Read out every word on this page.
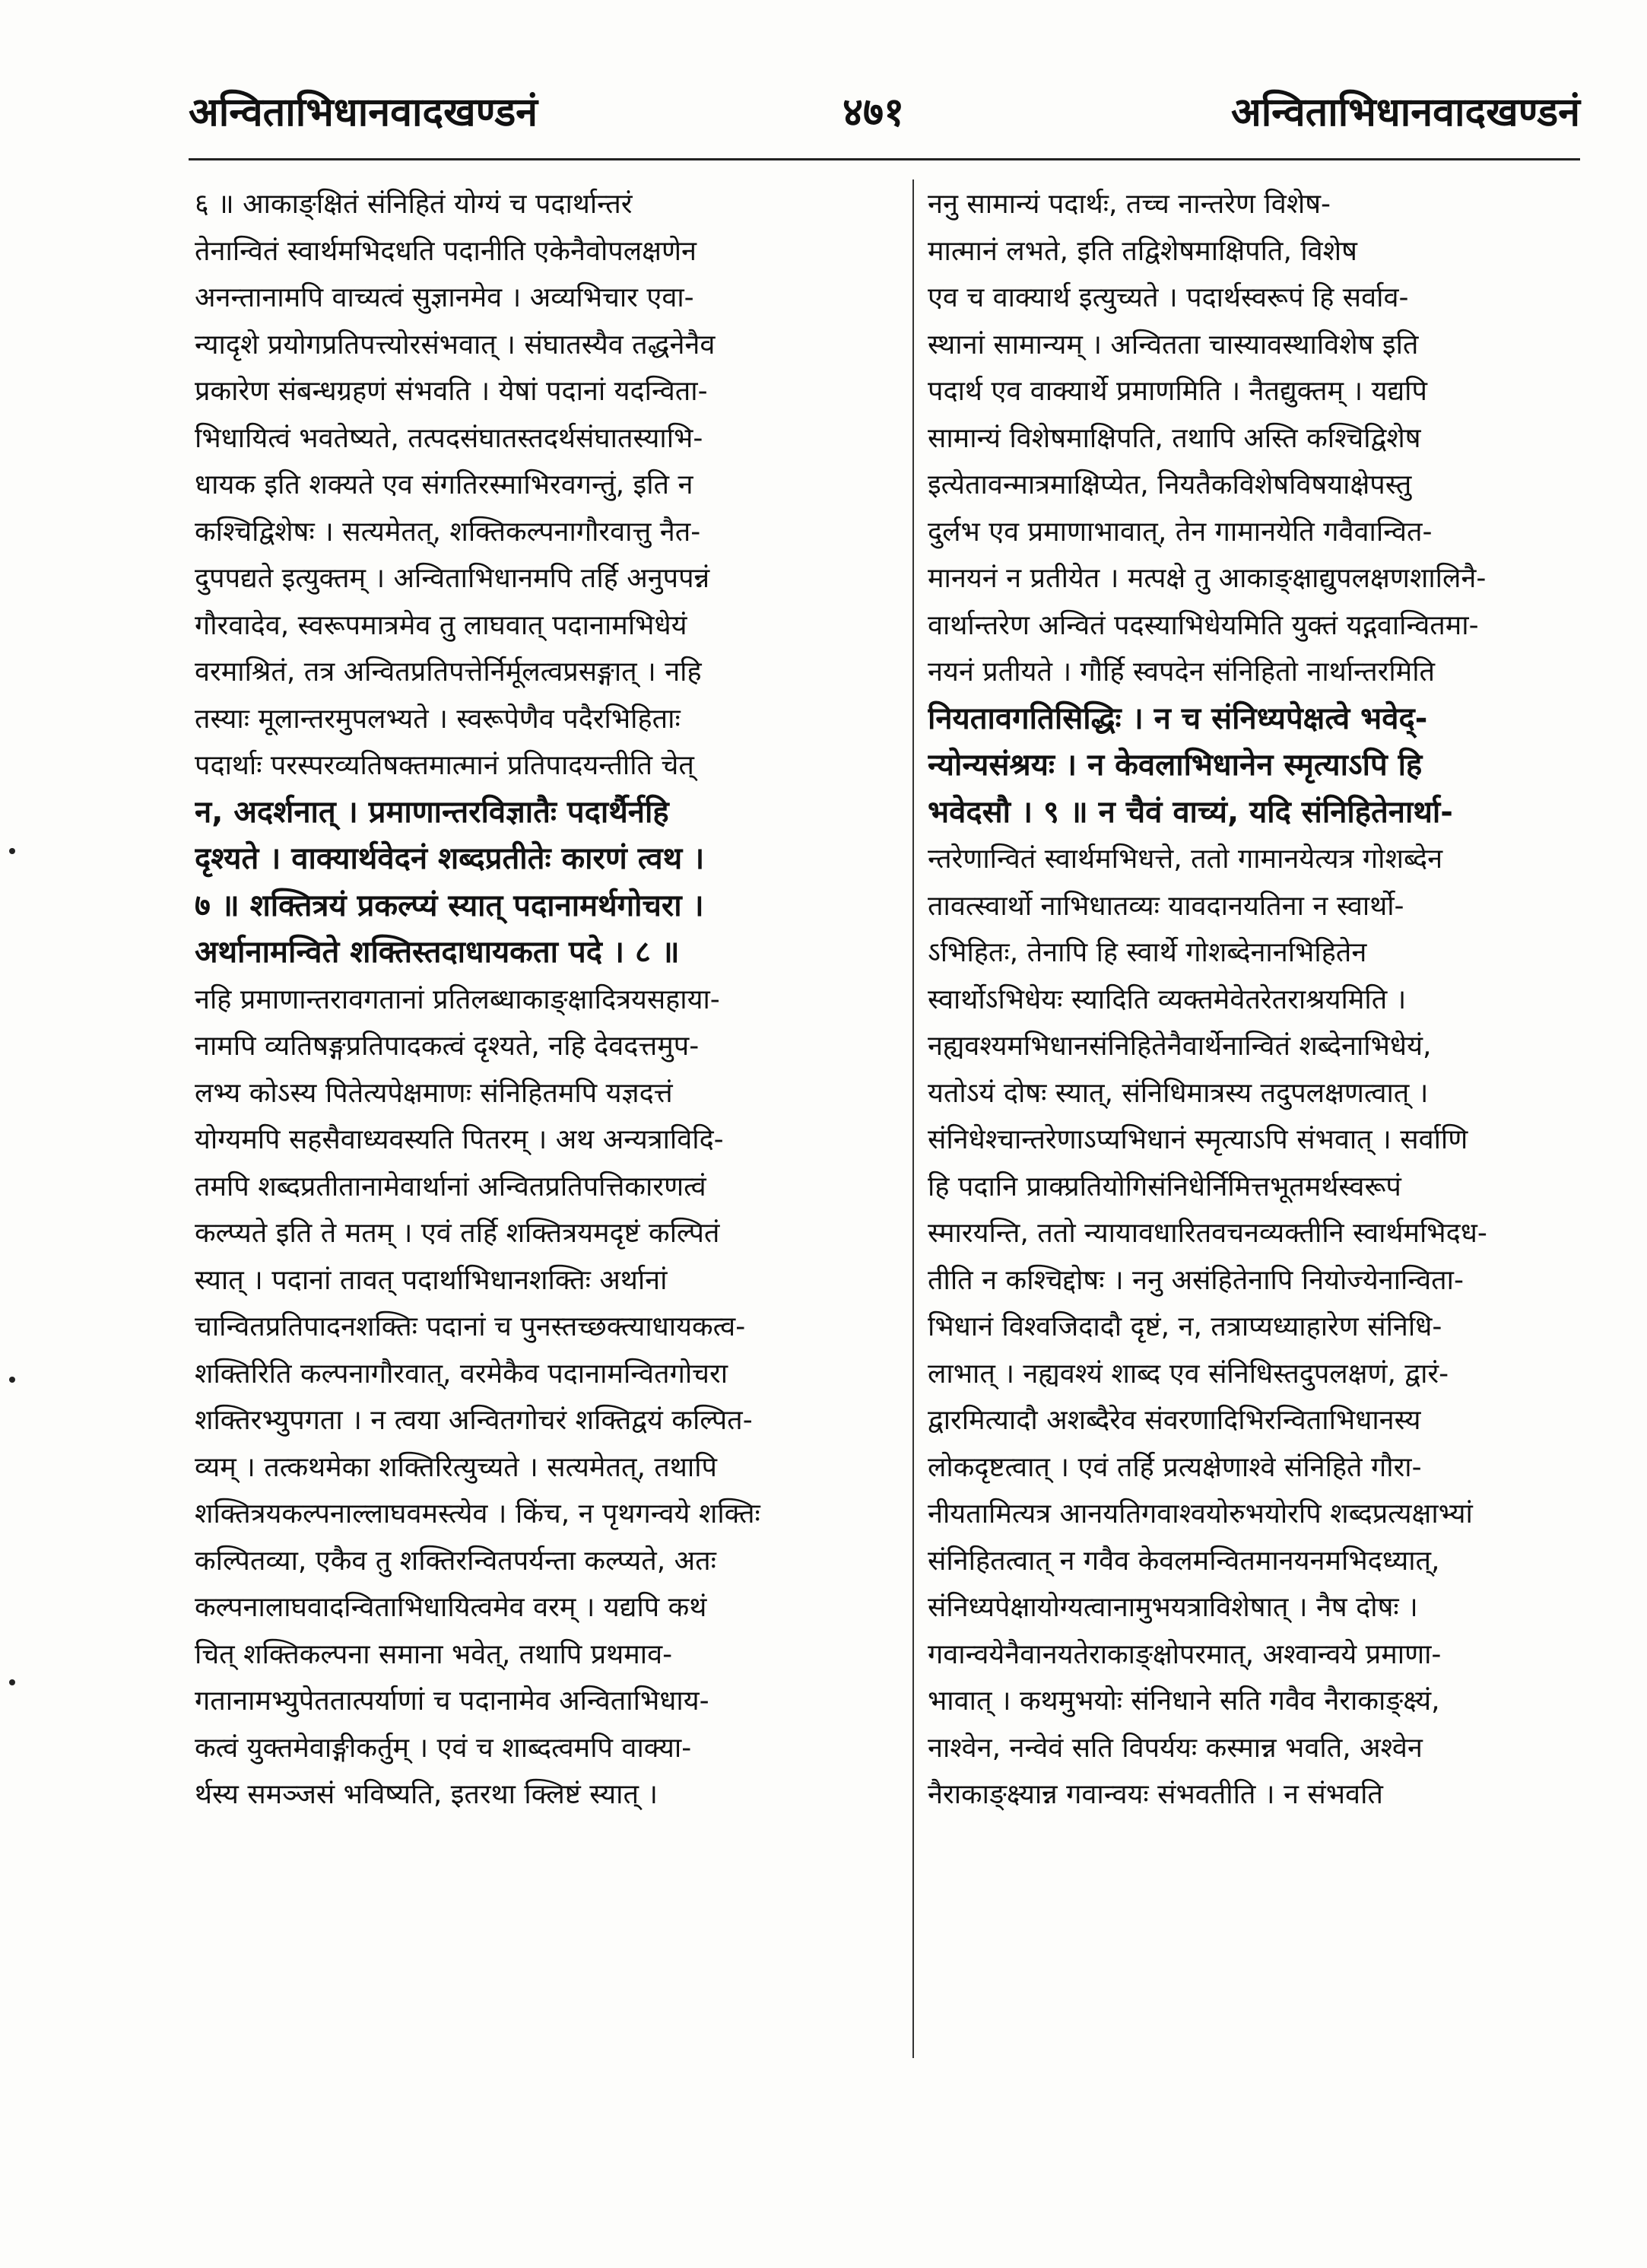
अन्विताभिधानवादखण्डनं	४७१	अन्विताभिधानवादखण्डनं

६ ॥ आकाङ्क्षितं संनिहितं योग्यं च पदार्थान्तरं

तेनान्वितं स्वार्थमभिदधति पदानीति एकेनैवोपलक्षणेन

अनन्तानामपि वाच्यत्वं सुज्ञानमेव । अव्यभिचार एवा-

न्यादृशे प्रयोगप्रतिपत्त्योरसंभवात् । संघातस्यैव तद्धनेनैव

प्रकारेण संबन्धग्रहणं संभवति । येषां पदानां यदन्विता-

भिधायित्वं भवतेष्यते, तत्पदसंघातस्तदर्थसंघातस्याभि-

धायक इति शक्यते एव संगतिरस्माभिरवगन्तुं, इति न

कश्चिद्विशेषः । सत्यमेतत्, शक्तिकल्पनागौरवात्तु नैत-

दुपपद्यते इत्युक्तम् । अन्विताभिधानमपि तर्हि अनुपपन्नं

गौरवादेव, स्वरूपमात्रमेव तु लाघवात् पदानामभिधेयं

वरमाश्रितं, तत्र अन्वितप्रतिपत्तेर्निर्मूलत्वप्रसङ्गात् । नहि

तस्याः मूलान्तरमुपलभ्यते । स्वरूपेणैव पदैरभिहिताः

पदार्थाः परस्परव्यतिषक्तमात्मानं प्रतिपादयन्तीति चेत्

न, अदर्शनात् । प्रमाणान्तरविज्ञातैः पदार्थैर्नहि

दृश्यते । वाक्यार्थवेदनं शब्दप्रतीतेः कारणं त्वथ ।

७ ॥ शक्तित्रयं प्रकल्प्यं स्यात् पदानामर्थगोचरा ।

अर्थानामन्विते शक्तिस्तदाधायकता पदे । ८ ॥

नहि प्रमाणान्तरावगतानां प्रतिलब्धाकाङ्क्षादित्रयसहाया-

नामपि व्यतिषङ्गप्रतिपादकत्वं दृश्यते, नहि देवदत्तमुप-

लभ्य कोऽस्य पितेत्यपेक्षमाणः संनिहितमपि यज्ञदत्तं

योग्यमपि सहसैवाध्यवस्यति पितरम् । अथ अन्यत्राविदि-

तमपि शब्दप्रतीतानामेवार्थानां अन्वितप्रतिपत्तिकारणत्वं

कल्प्यते इति ते मतम् । एवं तर्हि शक्तित्रयमदृष्टं कल्पितं

स्यात् । पदानां तावत् पदार्थाभिधानशक्तिः अर्थानां

चान्वितप्रतिपादनशक्तिः पदानां च पुनस्तच्छक्त्याधायकत्व-

शक्तिरिति कल्पनागौरवात्, वरमेकैव पदानामन्वितगोचरा

शक्तिरभ्युपगता । न त्वया अन्वितगोचरं शक्तिद्वयं कल्पित-

व्यम् । तत्कथमेका शक्तिरित्युच्यते । सत्यमेतत्, तथापि

शक्तित्रयकल्पनाल्लाघवमस्त्येव । किंच, न पृथगन्वये शक्तिः

कल्पितव्या, एकैव तु शक्तिरन्वितपर्यन्ता कल्प्यते, अतः

कल्पनालाघवादन्विताभिधायित्वमेव वरम् । यद्यपि कथं

चित् शक्तिकल्पना समाना भवेत्, तथापि प्रथमाव-

गतानामभ्युपेततात्पर्याणां च पदानामेव अन्विताभिधाय-

कत्वं युक्तमेवाङ्गीकर्तुम् । एवं च शाब्दत्वमपि वाक्या-

र्थस्य समञ्जसं भविष्यति, इतरथा क्लिष्टं स्यात् ।

ननु सामान्यं पदार्थः, तच्च नान्तरेण विशेष-

मात्मानं लभते, इति तद्विशेषमाक्षिपति, विशेष

एव च वाक्यार्थ इत्युच्यते । पदार्थस्वरूपं हि सर्वाव-

स्थानां सामान्यम् । अन्वितता चास्यावस्थाविशेष इति

पदार्थ एव वाक्यार्थे प्रमाणमिति । नैतद्युक्तम् । यद्यपि

सामान्यं विशेषमाक्षिपति, तथापि अस्ति कश्चिद्विशेष

इत्येतावन्मात्रमाक्षिप्येत, नियतैकविशेषविषयाक्षेपस्तु

दुर्लभ एव प्रमाणाभावात्, तेन गामानयेति गवैवान्वित-

मानयनं न प्रतीयेत । मत्पक्षे तु आकाङ्क्षाद्युपलक्षणशालिनै-

वार्थान्तरेण अन्वितं पदस्याभिधेयमिति युक्तं यद्गवान्वितमा-

नयनं प्रतीयते । गौर्हि स्वपदेन संनिहितो नार्थान्तरमिति

नियतावगतिसिद्धिः । न च संनिध्यपेक्षत्वे भवेद्-

न्योन्यसंश्रयः । न केवलाभिधानेन स्मृत्याऽपि हि

भवेदसौ । ९ ॥ न चैवं वाच्यं, यदि संनिहितेनार्था-

न्तरेणान्वितं स्वार्थमभिधत्ते, ततो गामानयेत्यत्र गोशब्देन

तावत्स्वार्थो नाभिधातव्यः यावदानयतिना न स्वार्थो-

ऽभिहितः, तेनापि हि स्वार्थे गोशब्देनानभिहितेन

स्वार्थोऽभिधेयः स्यादिति व्यक्तमेवेतरेतराश्रयमिति ।

नह्यवश्यमभिधानसंनिहितेनैवार्थेनान्वितं शब्देनाभिधेयं,

यतोऽयं दोषः स्यात्, संनिधिमात्रस्य तदुपलक्षणत्वात् ।

संनिधेश्चान्तरेणाऽप्यभिधानं स्मृत्याऽपि संभवात् । सर्वाणि

हि पदानि प्राक्प्रतियोगिसंनिधेर्निमित्तभूतमर्थस्वरूपं

स्मारयन्ति, ततो न्यायावधारितवचनव्यक्तीनि स्वार्थमभिदध-

तीति न कश्चिद्दोषः । ननु असंहितेनापि नियोज्येनान्विता-

भिधानं विश्वजिदादौ दृष्टं, न, तत्राप्यध्याहारेण संनिधि-

लाभात् । नह्यवश्यं शाब्द एव संनिधिस्तदुपलक्षणं, द्वारं-

द्वारमित्यादौ अशब्दैरेव संवरणादिभिरन्विताभिधानस्य

लोकदृष्टत्वात् । एवं तर्हि प्रत्यक्षेणाश्वे संनिहिते गौरा-

नीयतामित्यत्र आनयतिगवाश्वयोरुभयोरपि शब्दप्रत्यक्षाभ्यां

संनिहितत्वात् न गवैव केवलमन्वितमानयनमभिदध्यात्,

संनिध्यपेक्षायोग्यत्वानामुभयत्राविशेषात् । नैष दोषः ।

गवान्वयेनैवानयतेराकाङ्क्षोपरमात्, अश्वान्वये प्रमाणा-

भावात् । कथमुभयोः संनिधाने सति गवैव नैराकाङ्क्ष्यं,

नाश्वेन, नन्वेवं सति विपर्ययः कस्मान्न भवति, अश्वेन

नैराकाङ्क्ष्यान्न गवान्वयः संभवतीति । न संभवति
